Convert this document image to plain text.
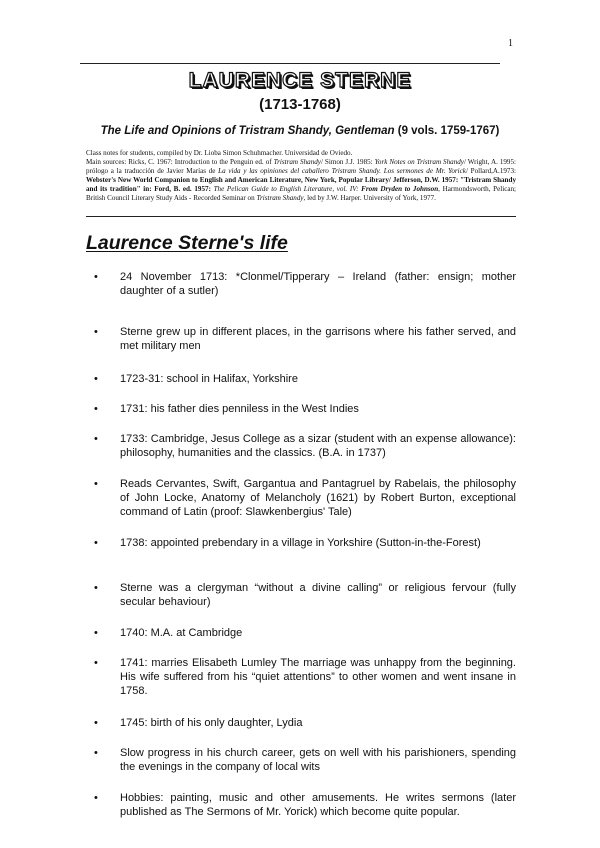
1
LAURENCE STERNE
(1713-1768)
The Life and Opinions of Tristram Shandy, Gentleman (9 vols. 1759-1767)

Class notes for students, compiled by Dr. Lioba Simon Schuhmacher. Universidad de Oviedo.

Main sources: Ricks, C. 1967: Introduction to the Penguin ed. of Tristram Shandy/ Simon J.J. 1985: York Notes on Tristram Shandy/ Wright, A. 1995: prólogo a la traducción de Javier Marías de La vida y las opiniones del caballero Tristram Shandy. Los sermones de Mr. Yorick/ Pollard,A.1973: Webster's New World Companion to English and American Literature, New York, Popular Library/ Jefferson, D.W. 1957: "Tristram Shandy and its tradition" in: Ford, B. ed. 1957: The Pelican Guide to English Literature, vol. IV: From Dryden to Johnson, Harmondsworth, Pelican; British Council Literary Study Aids - Recorded Seminar on Tristram Shandy, led by J.W. Harper. University of York, 1977.

Laurence Sterne's life
• 24 November 1713: *Clonmel/Tipperary – Ireland (father: ensign; mother daughter of a sutler)
• Sterne grew up in different places, in the garrisons where his father served, and met military men
• 1723-31: school in Halifax, Yorkshire
• 1731: his father dies penniless in the West Indies
• 1733: Cambridge, Jesus College as a sizar (student with an expense allowance): philosophy, humanities and the classics. (B.A. in 1737)
• Reads Cervantes, Swift, Gargantua and Pantagruel by Rabelais, the philosophy of John Locke, Anatomy of Melancholy (1621) by Robert Burton, exceptional command of Latin (proof: Slawkenbergius' Tale)
• 1738: appointed prebendary in a village in Yorkshire (Sutton-in-the-Forest)
• Sterne was a clergyman “without a divine calling” or religious fervour (fully secular behaviour)
• 1740: M.A. at Cambridge
• 1741: marries Elisabeth Lumley The marriage was unhappy from the beginning. His wife suffered from his “quiet attentions” to other women and went insane in 1758.
• 1745: birth of his only daughter, Lydia
• Slow progress in his church career, gets on well with his parishioners, spending the evenings in the company of local wits
• Hobbies: painting, music and other amusements. He writes sermons (later published as The Sermons of Mr. Yorick) which become quite popular.
